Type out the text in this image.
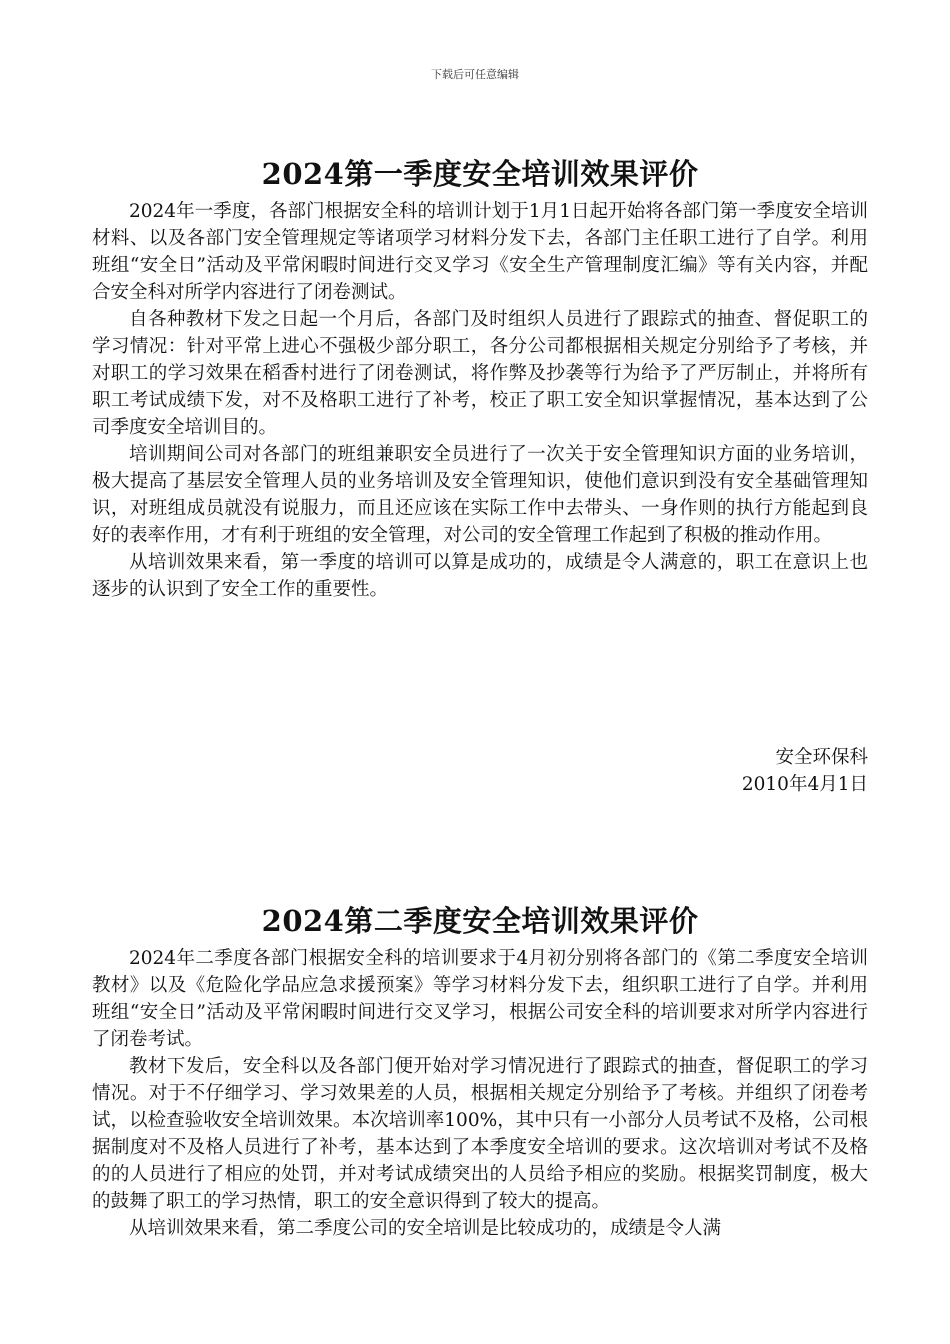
下载后可任意编辑
2024第一季度安全培训效果评价

2024年一季度，各部门根据安全科的培训计划于1月1日起开始将各部门第一季度安全培训材料、以及各部门安全管理规定等诸项学习材料分发下去，各部门主任职工进行了自学。利用班组“安全日”活动及平常闲暇时间进行交叉学习《安全生产管理制度汇编》等有关内容，并配合安全科对所学内容进行了闭卷测试。

自各种教材下发之日起一个月后，各部门及时组织人员进行了跟踪式的抽查、督促职工的学习情况：针对平常上进心不强极少部分职工，各分公司都根据相关规定分别给予了考核，并对职工的学习效果在稻香村进行了闭卷测试，将作弊及抄袭等行为给予了严厉制止，并将所有职工考试成绩下发，对不及格职工进行了补考，校正了职工安全知识掌握情况，基本达到了公司季度安全培训目的。

培训期间公司对各部门的班组兼职安全员进行了一次关于安全管理知识方面的业务培训，极大提高了基层安全管理人员的业务培训及安全管理知识，使他们意识到没有安全基础管理知识，对班组成员就没有说服力，而且还应该在实际工作中去带头、一身作则的执行方能起到良好的表率作用，才有利于班组的安全管理，对公司的安全管理工作起到了积极的推动作用。

从培训效果来看，第一季度的培训可以算是成功的，成绩是令人满意的，职工在意识上也逐步的认识到了安全工作的重要性。

安全环保科
2010年4月1日
2024第二季度安全培训效果评价

2024年二季度各部门根据安全科的培训要求于4月初分别将各部门的《第二季度安全培训教材》以及《危险化学品应急求援预案》等学习材料分发下去，组织职工进行了自学。并利用班组“安全日”活动及平常闲暇时间进行交叉学习，根据公司安全科的培训要求对所学内容进行了闭卷考试。

教材下发后，安全科以及各部门便开始对学习情况进行了跟踪式的抽查，督促职工的学习情况。对于不仔细学习、学习效果差的人员，根据相关规定分别给予了考核。并组织了闭卷考试，以检查验收安全培训效果。本次培训率100%，其中只有一小部分人员考试不及格，公司根据制度对不及格人员进行了补考，基本达到了本季度安全培训的要求。这次培训对考试不及格的的人员进行了相应的处罚，并对考试成绩突出的人员给予相应的奖励。根据奖罚制度，极大的鼓舞了职工的学习热情，职工的安全意识得到了较大的提高。

从培训效果来看，第二季度公司的安全培训是比较成功的，成绩是令人满
